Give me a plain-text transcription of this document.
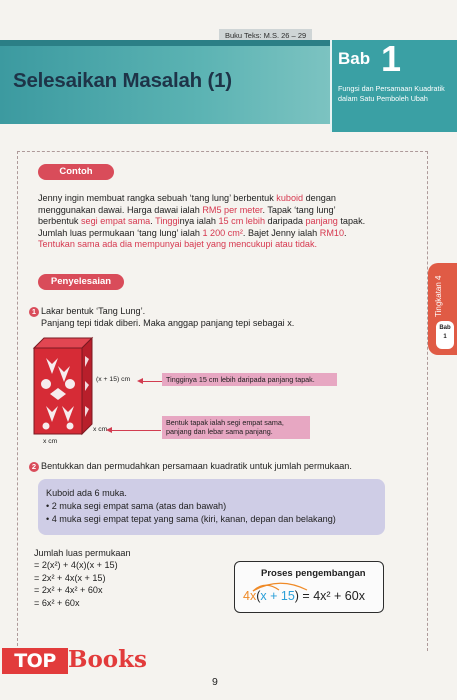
Buku Teks: M.S. 26 – 29
Selesaikan Masalah (1)
Bab 1
Fungsi dan Persamaan Kuadratik dalam Satu Pemboleh Ubah
Tingkatan 4
Bab
1
Contoh
Jenny ingin membuat rangka sebuah ‘tang lung’ berbentuk kuboid dengan
menggunakan dawai. Harga dawai ialah RM5 per meter. Tapak ‘tang lung’
berbentuk segi empat sama. Tingginya ialah 15 cm lebih daripada panjang tapak.
Jumlah luas permukaan ‘tang lung’ ialah 1 200 cm². Bajet Jenny ialah RM10.
Tentukan sama ada dia mempunyai bajet yang mencukupi atau tidak.
Penyelesaian
1 Lakar bentuk ‘Tang Lung’.
Panjang tepi tidak diberi. Maka anggap panjang tepi sebagai x.
(x + 15) cm
x cm
x cm
Tingginya 15 cm lebih daripada panjang tapak.
Bentuk tapak ialah segi empat sama,
panjang dan lebar sama panjang.
2 Bentukkan dan permudahkan persamaan kuadratik untuk jumlah permukaan.
Kuboid ada 6 muka.
• 2 muka segi empat sama (atas dan bawah)
• 4 muka segi empat tepat yang sama (kiri, kanan, depan dan belakang)
Jumlah luas permukaan
= 2(x²) + 4(x)(x + 15)
= 2x² + 4x(x + 15)
= 2x² + 4x² + 60x
= 6x² + 60x
Proses pengembangan
4x(x + 15) = 4x² + 60x
TOP Books
9
